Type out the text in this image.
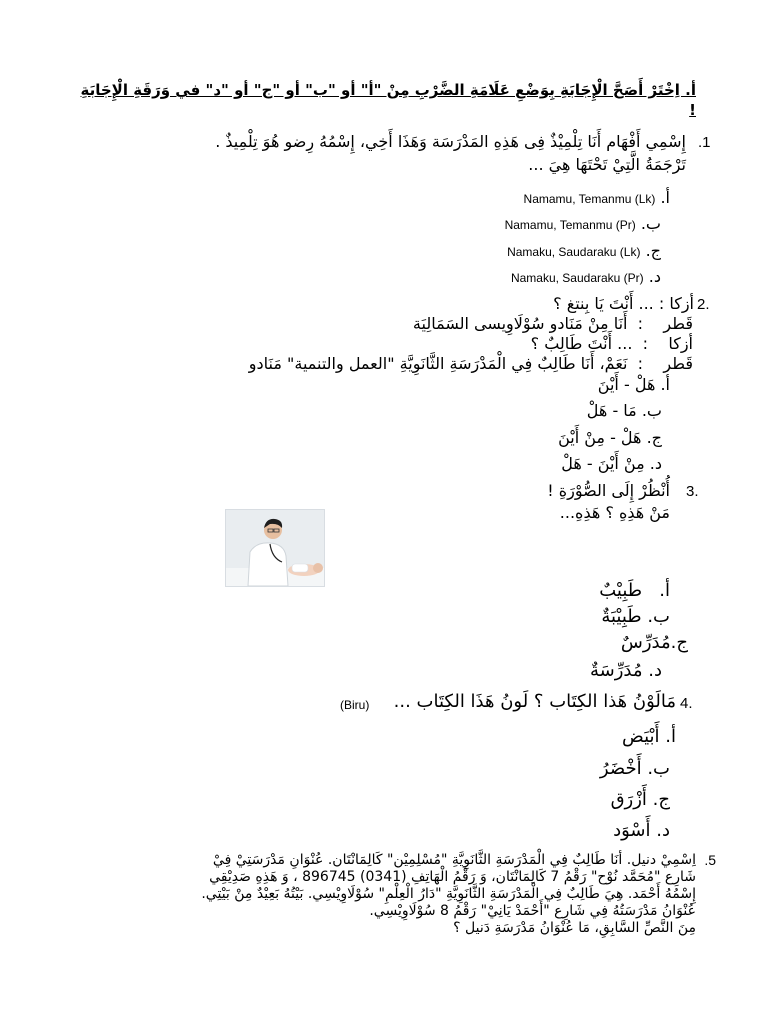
أ. اِخْتَرْ أَصَحَّ الْإِجَابَةِ بِوَضْعِ عَلَامَةِ الضَّرْبِ مِنْ "أ" أو "ب" أو "ج" أو "د" في وَرَقَةِ الْإِجَابَةِ !
.1
إِسْمِي أَفْهَام أَنَا تِلْمِيْذٌ فِى هَذِهِ المَدْرَسَة وَهَذَا أَخِي، إِسْمُهُ رِضو هُوَ تِلْمِيذٌ .
تَرْجَمَةُ الَّتِيْ تَحْتَهَا هِيَ ...
أ. Namamu, Temanmu (Lk)
ب. Namamu, Temanmu (Pr)
ج. Namaku, Saudaraku (Lk)
د. Namaku, Saudaraku (Pr)
2.
أزكا : ... أَنْتَ يَا بِنتغ ؟
قَطر    :  أَنَا مِنْ مَنَادو سُوْلَاوِيسى السَمَالِيَة
أزكا    :  ... أَنْتَ طَالِبٌ ؟
قَطر    :  نَعَمْ، أَنَا طَالِبٌ فِي الْمَدْرَسَةِ الثَّانَوِيَّةِ "العمل والتنمية" مَنَادو
أ. هَلْ - أَيْنَ
ب. مَا - هَلْ
ج. هَلْ - مِنْ أَيْنَ
د. مِنْ أَيْنَ - هَلْ
3.
أُنْظُرْ إِلَى الصُّوْرَةِ !
مَنْ هَذِهِ ؟ هَذِهِ...
أ.   طَبِيْبٌ
ب. طَبِيْبَةٌ
ج.مُدَرِّسٌ
د. مُدَرِّسَةٌ
4.
مَالَوْنُ هَذا الكِتَاب ؟ لَونُ هَذَا الكِتَاب ...
(Biru)
أ. أَبْيَض
ب. أَخْضَرُ
ج. أَزْرَق
د. أَسْوَد
.5
اِسْمِيْ دنيل. أنَا طَالِبٌ فِي الْمَدْرَسَةِ الثَّانَوِيَّةِ "مُسْلِمِيْن" كَالِمَانْتَان. عُنْوَانِ مَدْرَسَتِيْ فِيْ
شَارِع "مُحَمَّد نُوْح" رَقْمُ 7 كَالِمَانْتَان، وَ رَقْمُ الْهَاتِفِ (0341) 896745 ، وَ هَذِهِ صَدِيْقِي
إِسْمُهُ أَحْمَد. هِيَ طَالِبٌ فِي الْمَدْرَسَةِ الثَّانَوِيَّةِ "دَارُ الْعِلْمِ" سُوْلَاوِيْسِي. بَيْتُهُ بَعِيْدٌ مِنْ بَيْتِي.
عُنْوَانُ مَدْرَسَتُهُ فِي شَارِع "أَحْمَدْ يَانِيْ" رَقْمُ 8 سُوْلَاوِيْسِي.
مِنَ النَّصِّ السَّابِقِ، مَا عُنْوَانُ مَدْرَسَةِ دَنيل ؟
